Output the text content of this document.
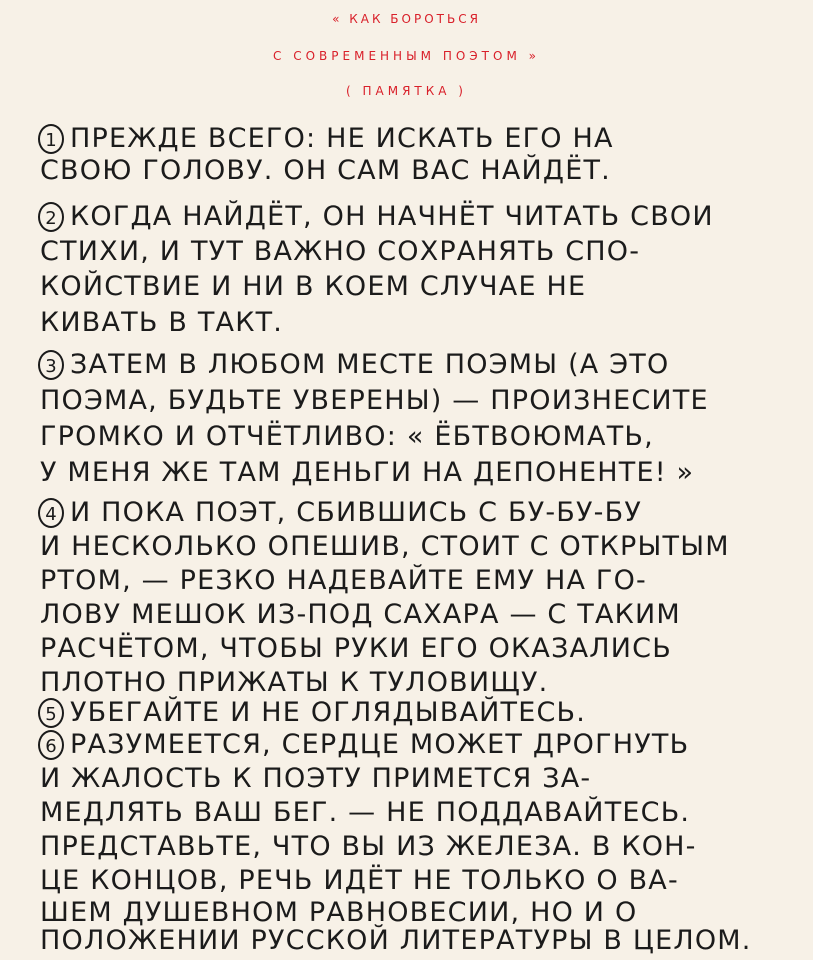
« КАК БОРОТЬСЯ
С СОВРЕМЕННЫМ ПОЭТОМ »
( ПАМЯТКА )
1 ПРЕЖДЕ ВСЕГО: НЕ ИСКАТЬ ЕГО НА
СВОЮ ГОЛОВУ. ОН САМ ВАС НАЙДЁТ.
2 КОГДА НАЙДЁТ, ОН НАЧНЁТ ЧИТАТЬ СВОИ
СТИХИ, И ТУТ ВАЖНО СОХРАНЯТЬ СПО-
КОЙСТВИЕ И НИ В КОЕМ СЛУЧАЕ НЕ
КИВАТЬ В ТАКТ.
3 ЗАТЕМ В ЛЮБОМ МЕСТЕ ПОЭМЫ (А ЭТО
ПОЭМА, БУДЬТЕ УВЕРЕНЫ) — ПРОИЗНЕСИТЕ
ГРОМКО И ОТЧЁТЛИВО: « ЁБТВОЮМАТЬ,
У МЕНЯ ЖЕ ТАМ ДЕНЬГИ НА ДЕПОНЕНТЕ! »
4 И ПОКА ПОЭТ, СБИВШИСЬ С БУ-БУ-БУ
И НЕСКОЛЬКО ОПЕШИВ, СТОИТ С ОТКРЫТЫМ
РТОМ, — РЕЗКО НАДЕВАЙТЕ ЕМУ НА ГО-
ЛОВУ МЕШОК ИЗ-ПОД САХАРА — С ТАКИМ
РАСЧЁТОМ, ЧТОБЫ РУКИ ЕГО ОКАЗАЛИСЬ
ПЛОТНО ПРИЖАТЫ К ТУЛОВИЩУ.
5 УБЕГАЙТЕ И НЕ ОГЛЯДЫВАЙТЕСЬ.
6 РАЗУМЕЕТСЯ, СЕРДЦЕ МОЖЕТ ДРОГНУТЬ
И ЖАЛОСТЬ К ПОЭТУ ПРИМЕТСЯ ЗА-
МЕДЛЯТЬ ВАШ БЕГ. — НЕ ПОДДАВАЙТЕСЬ.
ПРЕДСТАВЬТЕ, ЧТО ВЫ ИЗ ЖЕЛЕЗА. В КОН-
ЦЕ КОНЦОВ, РЕЧЬ ИДЁТ НЕ ТОЛЬКО О ВА-
ШЕМ ДУШЕВНОМ РАВНОВЕСИИ, НО И О
ПОЛОЖЕНИИ РУССКОЙ ЛИТЕРАТУРЫ В ЦЕЛОМ.
